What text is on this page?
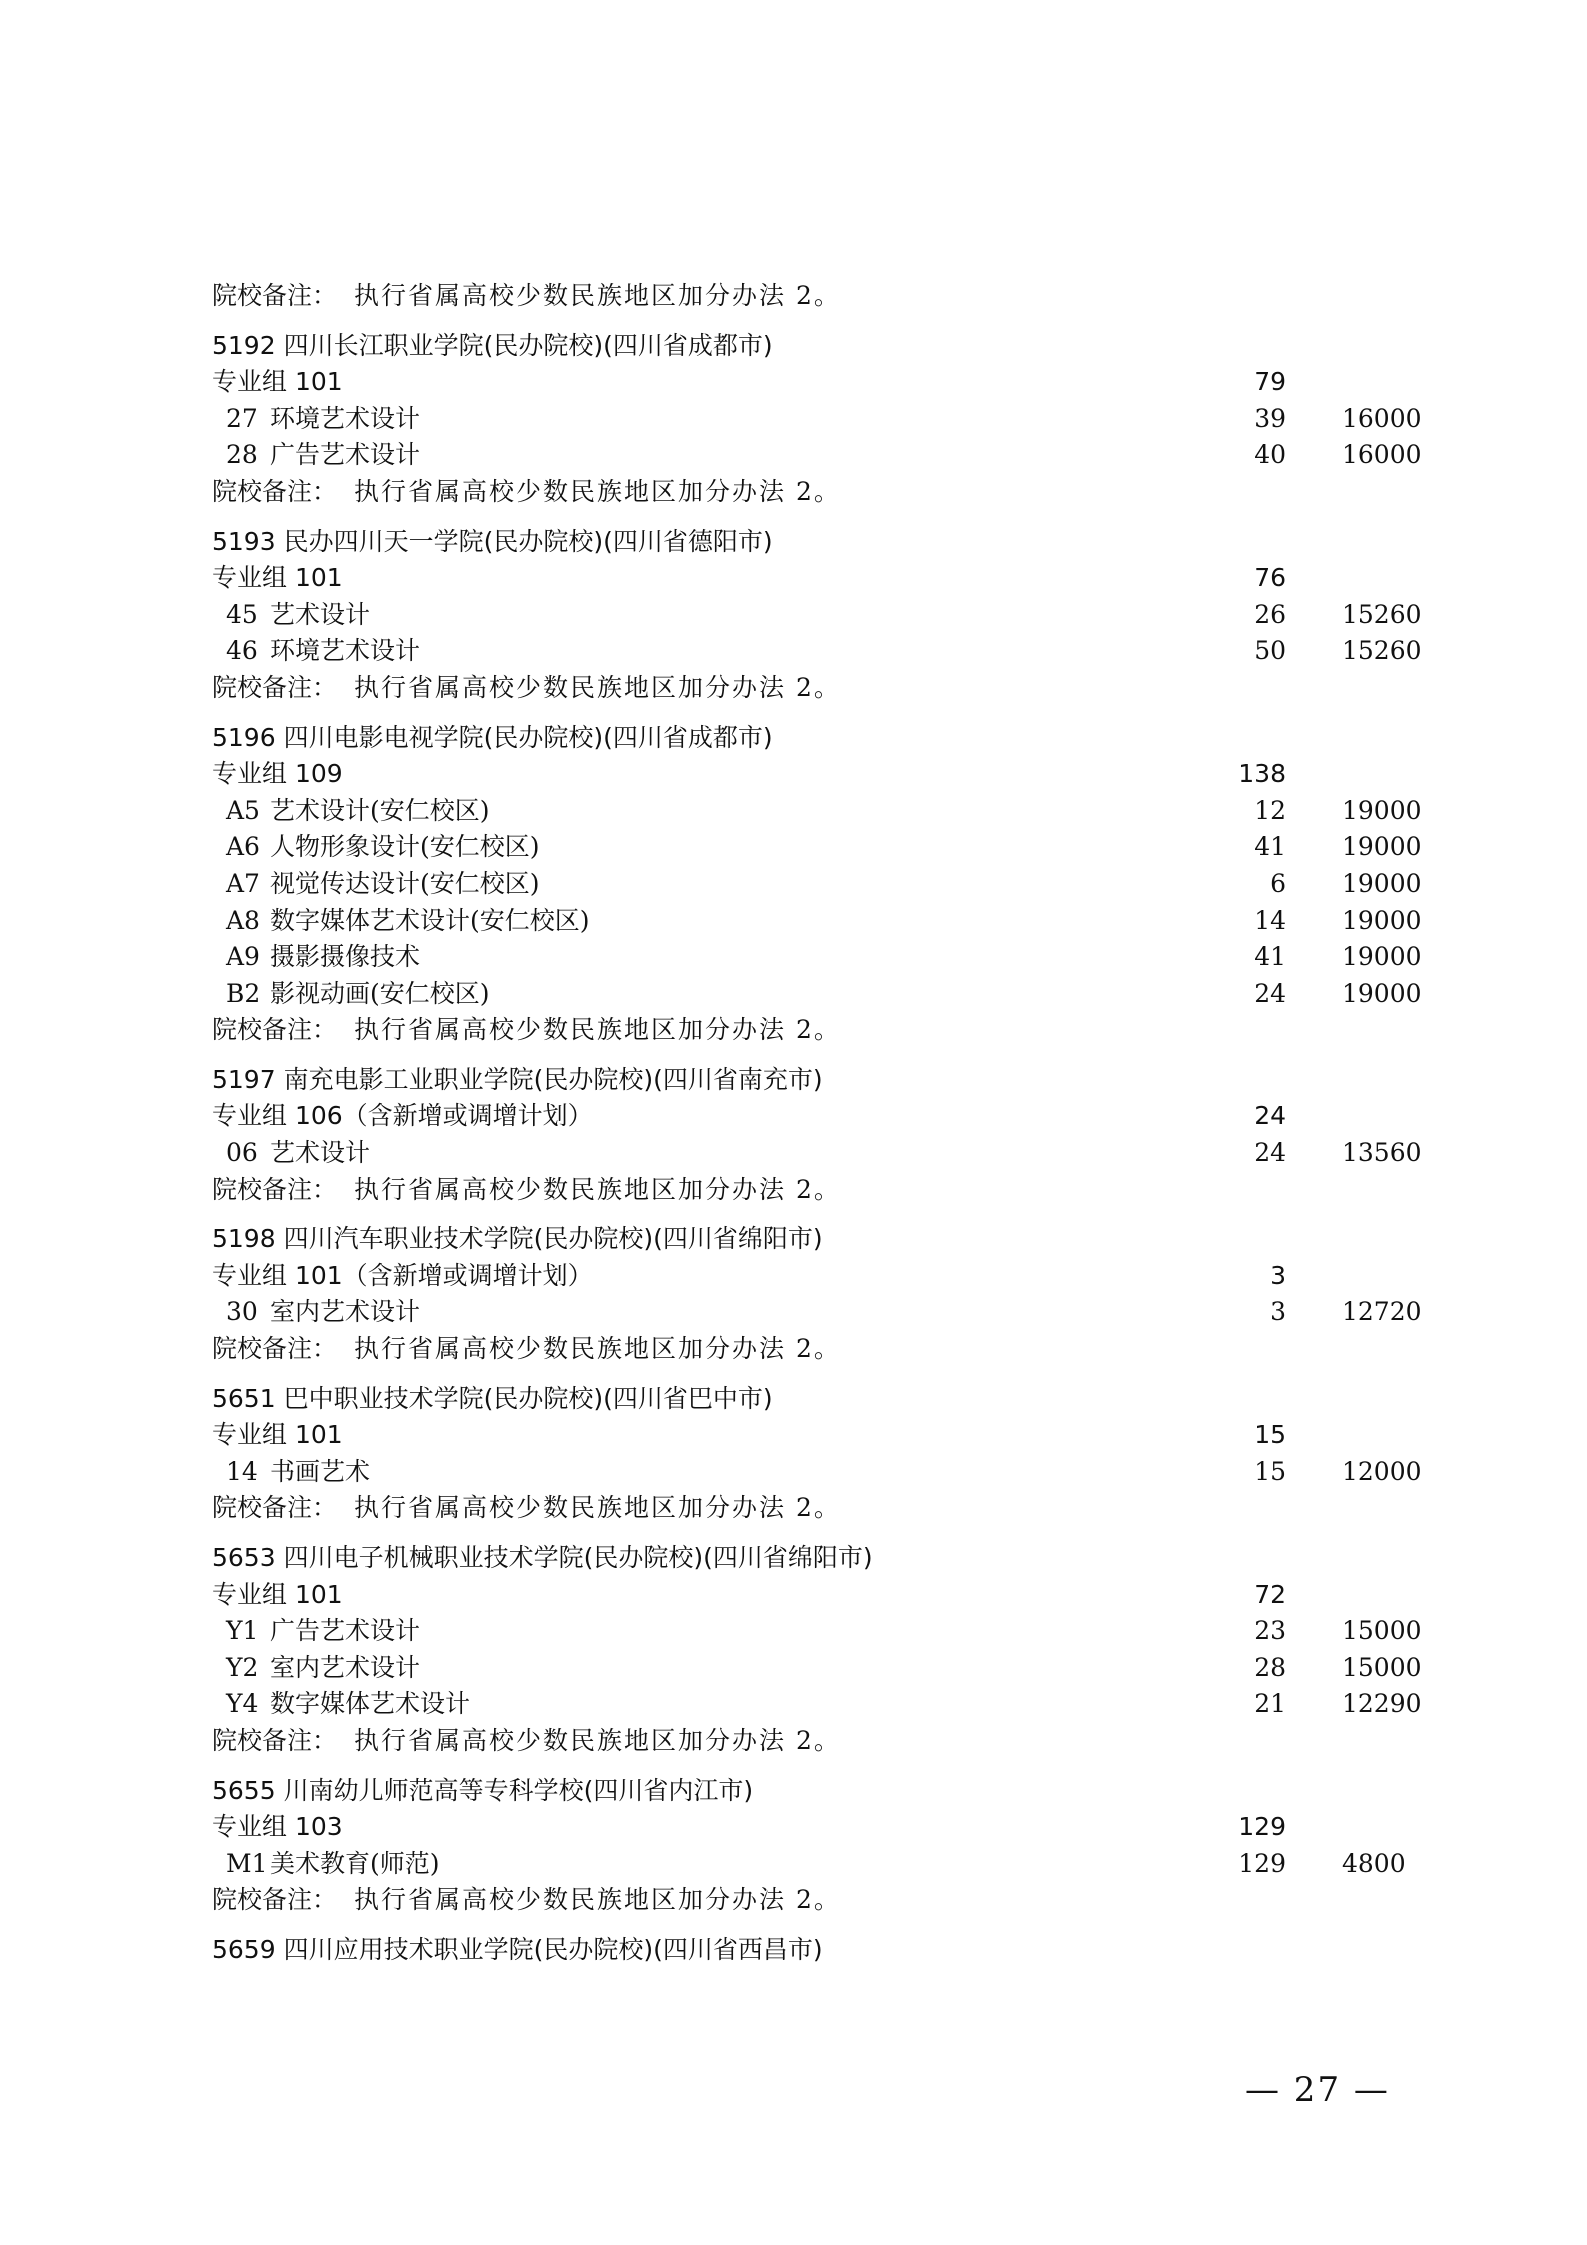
院校备注： 执行省属高校少数民族地区加分办法 2。
5192 四川长江职业学院(民办院校)(四川省成都市)
专业组 101	79
27 环境艺术设计	39 16000
28 广告艺术设计	40 16000
院校备注： 执行省属高校少数民族地区加分办法 2。
5193 民办四川天一学院(民办院校)(四川省德阳市)
专业组 101	76
45 艺术设计	26 15260
46 环境艺术设计	50 15260
院校备注： 执行省属高校少数民族地区加分办法 2。
5196 四川电影电视学院(民办院校)(四川省成都市)
专业组 109	138
A5 艺术设计(安仁校区)	12 19000
A6 人物形象设计(安仁校区)	41 19000
A7 视觉传达设计(安仁校区)	6 19000
A8 数字媒体艺术设计(安仁校区)	14 19000
A9 摄影摄像技术	41 19000
B2 影视动画(安仁校区)	24 19000
院校备注： 执行省属高校少数民族地区加分办法 2。
5197 南充电影工业职业学院(民办院校)(四川省南充市)
专业组 106（含新增或调增计划）	24
06 艺术设计	24 13560
院校备注： 执行省属高校少数民族地区加分办法 2。
5198 四川汽车职业技术学院(民办院校)(四川省绵阳市)
专业组 101（含新增或调增计划）	3
30 室内艺术设计	3 12720
院校备注： 执行省属高校少数民族地区加分办法 2。
5651 巴中职业技术学院(民办院校)(四川省巴中市)
专业组 101	15
14 书画艺术	15 12000
院校备注： 执行省属高校少数民族地区加分办法 2。
5653 四川电子机械职业技术学院(民办院校)(四川省绵阳市)
专业组 101	72
Y1 广告艺术设计	23 15000
Y2 室内艺术设计	28 15000
Y4 数字媒体艺术设计	21 12290
院校备注： 执行省属高校少数民族地区加分办法 2。
5655 川南幼儿师范高等专科学校(四川省内江市)
专业组 103	129
M1 美术教育(师范)	129 4800
院校备注： 执行省属高校少数民族地区加分办法 2。
5659 四川应用技术职业学院(民办院校)(四川省西昌市)
— 27 —
